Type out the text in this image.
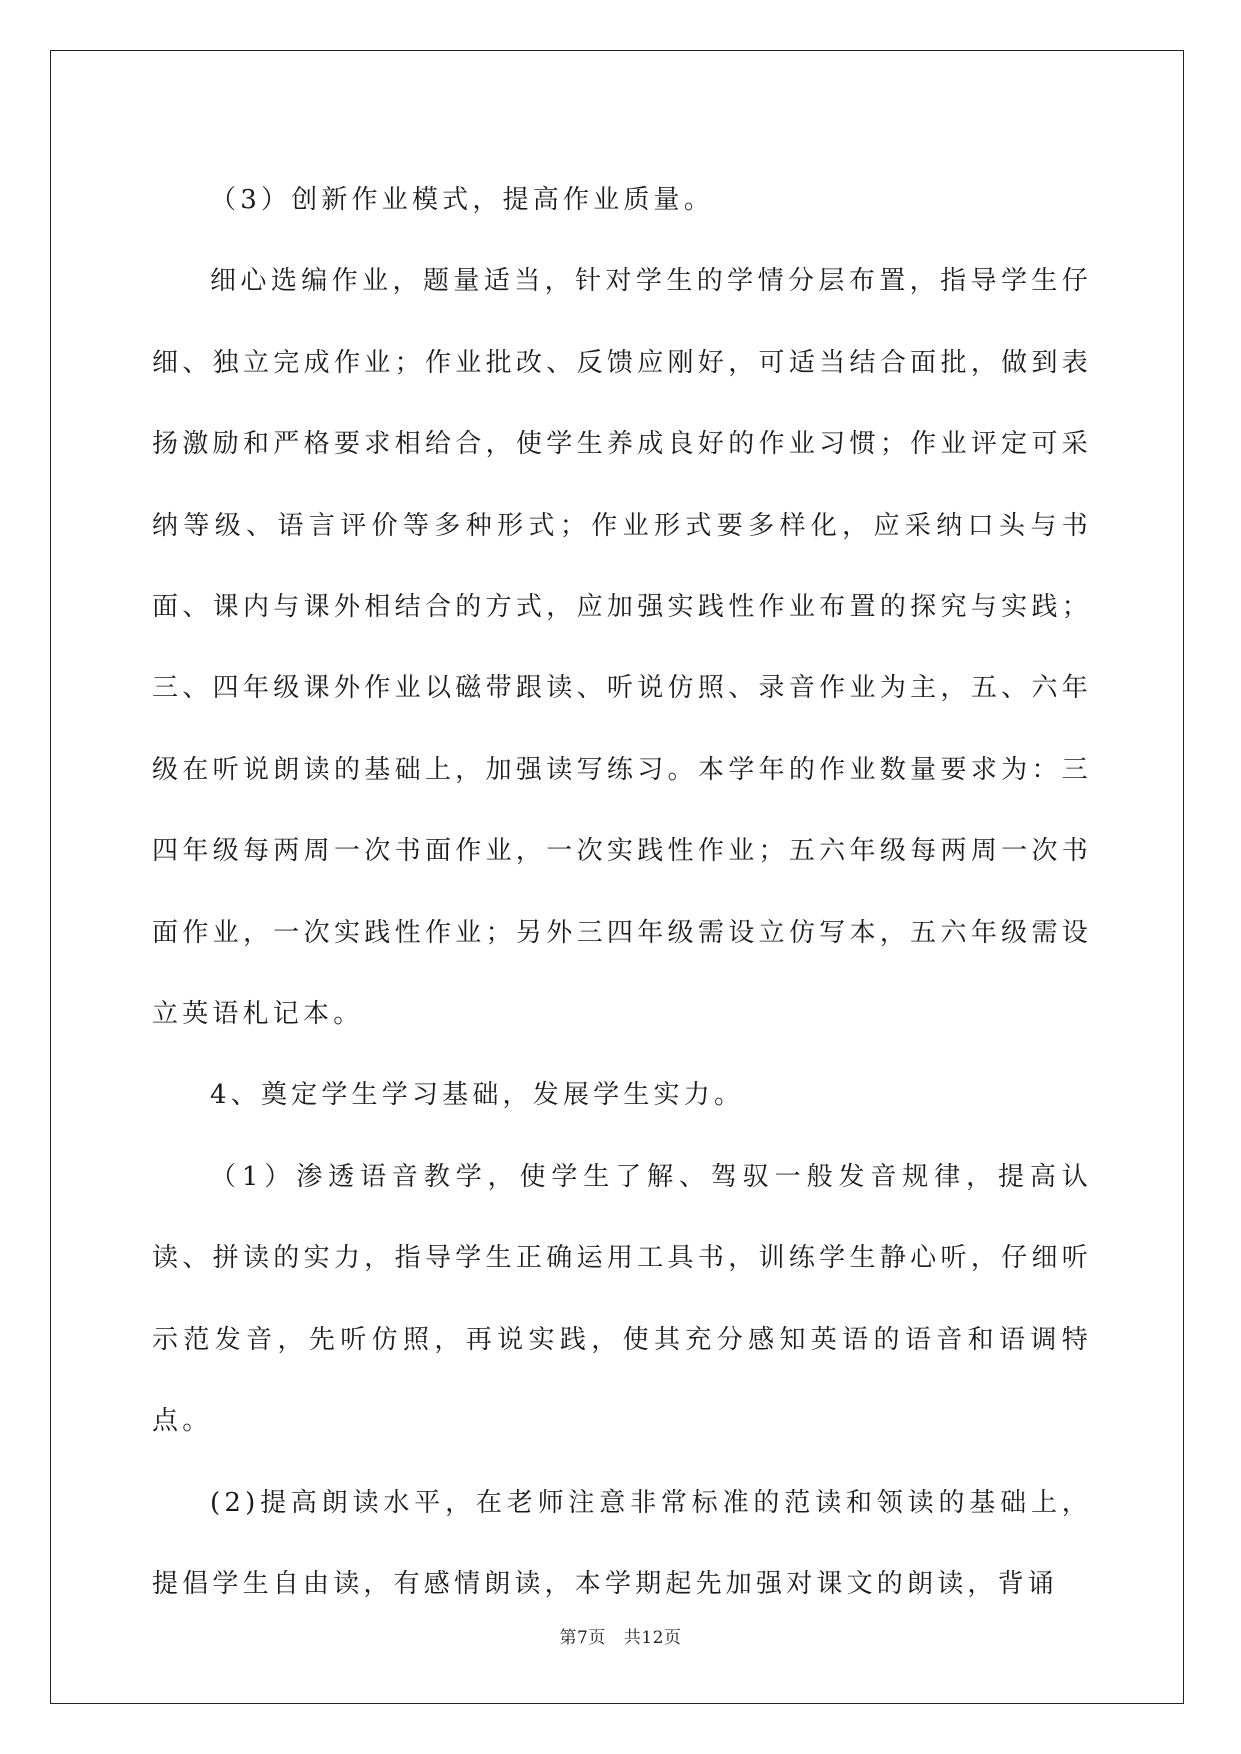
（3）创新作业模式，提高作业质量。

细心选编作业，题量适当，针对学生的学情分层布置，指导学生仔细、独立完成作业；作业批改、反馈应刚好，可适当结合面批，做到表扬激励和严格要求相给合，使学生养成良好的作业习惯；作业评定可采纳等级、语言评价等多种形式；作业形式要多样化，应采纳口头与书面、课内与课外相结合的方式，应加强实践性作业布置的探究与实践；三、四年级课外作业以磁带跟读、听说仿照、录音作业为主，五、六年级在听说朗读的基础上，加强读写练习。本学年的作业数量要求为：三四年级每两周一次书面作业，一次实践性作业；五六年级每两周一次书面作业，一次实践性作业；另外三四年级需设立仿写本，五六年级需设立英语札记本。

4、奠定学生学习基础，发展学生实力。

（1）渗透语音教学，使学生了解、驾驭一般发音规律，提高认读、拼读的实力，指导学生正确运用工具书，训练学生静心听，仔细听示范发音，先听仿照，再说实践，使其充分感知英语的语音和语调特点。

(2)提高朗读水平，在老师注意非常标准的范读和领读的基础上，提倡学生自由读，有感情朗读，本学期起先加强对课文的朗读，背诵

第7页 共12页
